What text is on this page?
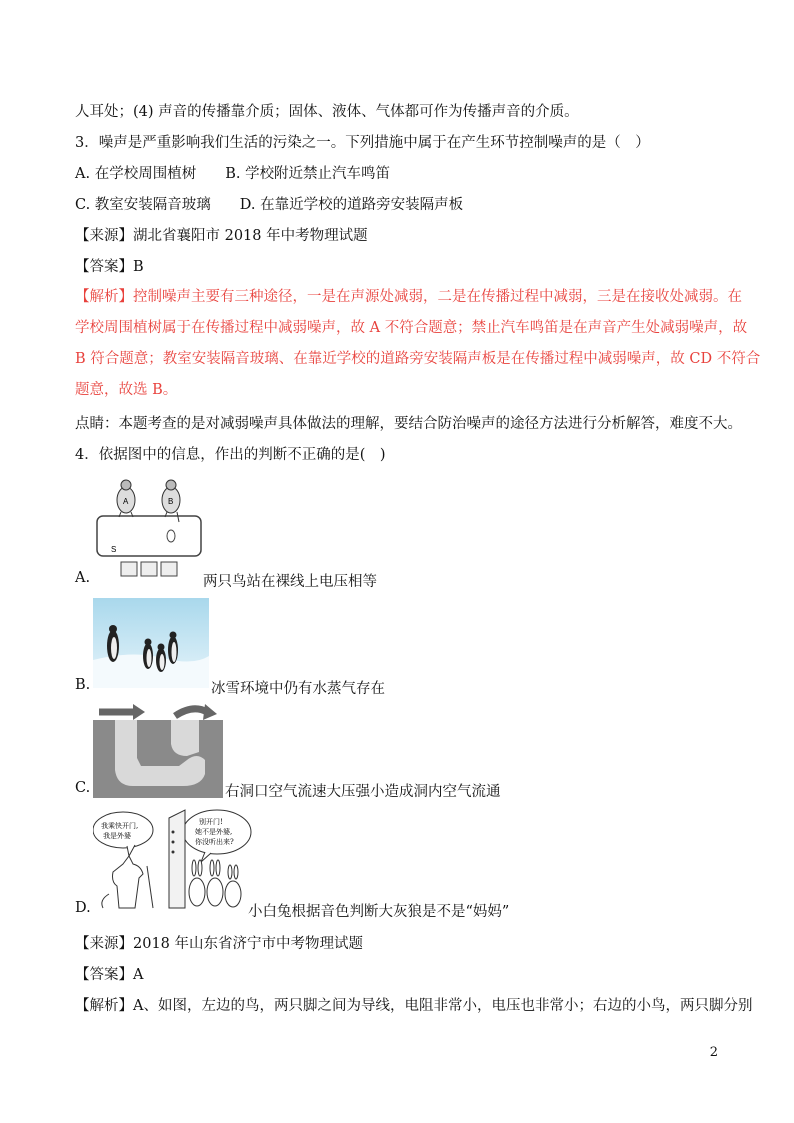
人耳处；(4) 声音的传播靠介质；固体、液体、气体都可作为传播声音的介质。
3．噪声是严重影响我们生活的污染之一。下列措施中属于在产生环节控制噪声的是（　）
A. 在学校周围植树　　B. 学校附近禁止汽车鸣笛
C. 教室安装隔音玻璃　　D. 在靠近学校的道路旁安装隔声板
【来源】湖北省襄阳市 2018 年中考物理试题
【答案】B
【解析】控制噪声主要有三种途径，一是在声源处减弱，二是在传播过程中减弱，三是在接收处减弱。在
学校周围植树属于在传播过程中减弱噪声，故 A 不符合题意；禁止汽车鸣笛是在声音产生处减弱噪声，故
B 符合题意；教室安装隔音玻璃、在靠近学校的道路旁安装隔声板是在传播过程中减弱噪声，故 CD 不符合
题意，故选 B。
点睛：本题考查的是对减弱噪声具体做法的理解，要结合防治噪声的途径方法进行分析解答，难度不大。
4．依据图中的信息，作出的判断不正确的是(　)
A.
A	B
S
两只鸟站在裸线上电压相等
B.	冰雪环境中仍有水蒸气存在
C.	右洞口空气流速大压强小造成洞内空气流通
D.
我乘快开门,
我是外婆
别开门!
她不是外婆,
你没听出来?
小白兔根据音色判断大灰狼是不是“妈妈”
【来源】2018 年山东省济宁市中考物理试题
【答案】A
【解析】A、如图，左边的鸟，两只脚之间为导线，电阻非常小，电压也非常小；右边的小鸟，两只脚分别
2
